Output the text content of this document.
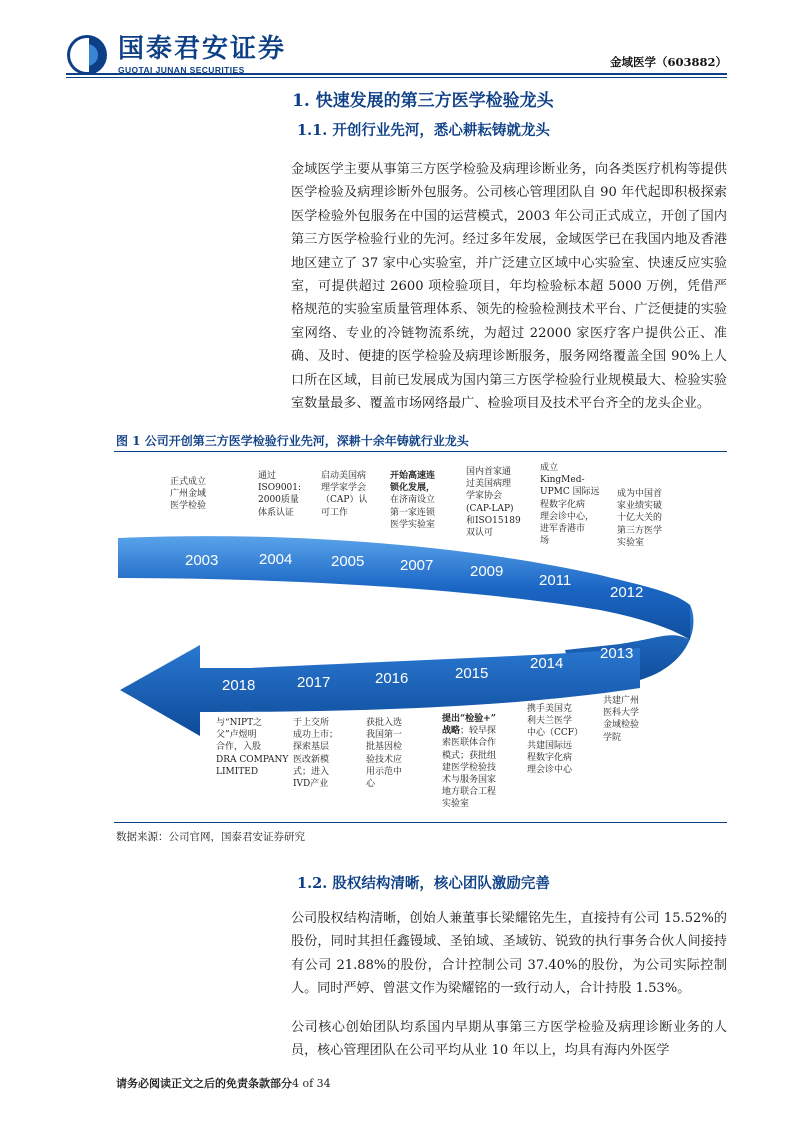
国泰君安证券
GUOTAI JUNAN SECURITIES
金域医学（603882）
1. 快速发展的第三方医学检验龙头
1.1. 开创行业先河，悉心耕耘铸就龙头
金域医学主要从事第三方医学检验及病理诊断业务，向各类医疗机构等提供医学检验及病理诊断外包服务。公司核心管理团队自 90 年代起即积极探索医学检验外包服务在中国的运营模式，2003 年公司正式成立，开创了国内第三方医学检验行业的先河。经过多年发展，金域医学已在我国内地及香港地区建立了 37 家中心实验室，并广泛建立区域中心实验室、快速反应实验室，可提供超过 2600 项检验项目，年均检验标本超 5000 万例，凭借严格规范的实验室质量管理体系、领先的检验检测技术平台、广泛便捷的实验室网络、专业的冷链物流系统，为超过 22000 家医疗客户提供公正、准确、及时、便捷的医学检验及病理诊断服务，服务网络覆盖全国 90%上人口所在区域，目前已发展成为国内第三方医学检验行业规模最大、检验实验室数量最多、覆盖市场网络最广、检验项目及技术平台齐全的龙头企业。
图 1 公司开创第三方医学检验行业先河，深耕十余年铸就行业龙头
2003	2004	2005 2007 2009
2011
2012
2013
2014
2015
2016
2017
2018
正式成立
广州金域
医学检验
通过
ISO9001:
2000质量
体系认证
启动美国病
理学家学会
（CAP）认
可工作
开始高速连
锁化发展，
在济南设立
第一家连锁
医学实验室
国内首家通
过美国病理
学家协会
(CAP-LAP)
和ISO15189
双认可
成立
KingMed-
UPMC 国际远
程数字化病
理会诊中心，
进军香港市
场
成为中国首
家业绩实破
十亿大关的
第三方医学
实验室
共建广州
医科大学
金域检验
学院
携手美国克
利夫兰医学
中心（CCF）
共建国际远
程数字化病
理会诊中心
提出“检验+”
战略；较早探
索医联体合作
模式；获批组
建医学检验技
术与服务国家
地方联合工程
实验室
获批入选
我国第一
批基因检
验技术应
用示范中
心
于上交所
成功上市；
探索基层
医改新模
式；进入
IVD产业
与“NIPT之
父”卢煜明
合作，入股
DRA COMPANY
LIMITED
数据来源：公司官网，国泰君安证券研究
1.2. 股权结构清晰，核心团队激励完善
公司股权结构清晰，创始人兼董事长梁耀铭先生，直接持有公司 15.52%的股份，同时其担任鑫镘域、圣铂域、圣域钫、锐致的执行事务合伙人间接持有公司 21.88%的股份，合计控制公司 37.40%的股份，为公司实际控制人。同时严婷、曾湛文作为梁耀铭的一致行动人，合计持股 1.53%。
公司核心创始团队均系国内早期从事第三方医学检验及病理诊断业务的人员，核心管理团队在公司平均从业 10 年以上，均具有海内外医学
请务必阅读正文之后的免责条款部分4 of 34
